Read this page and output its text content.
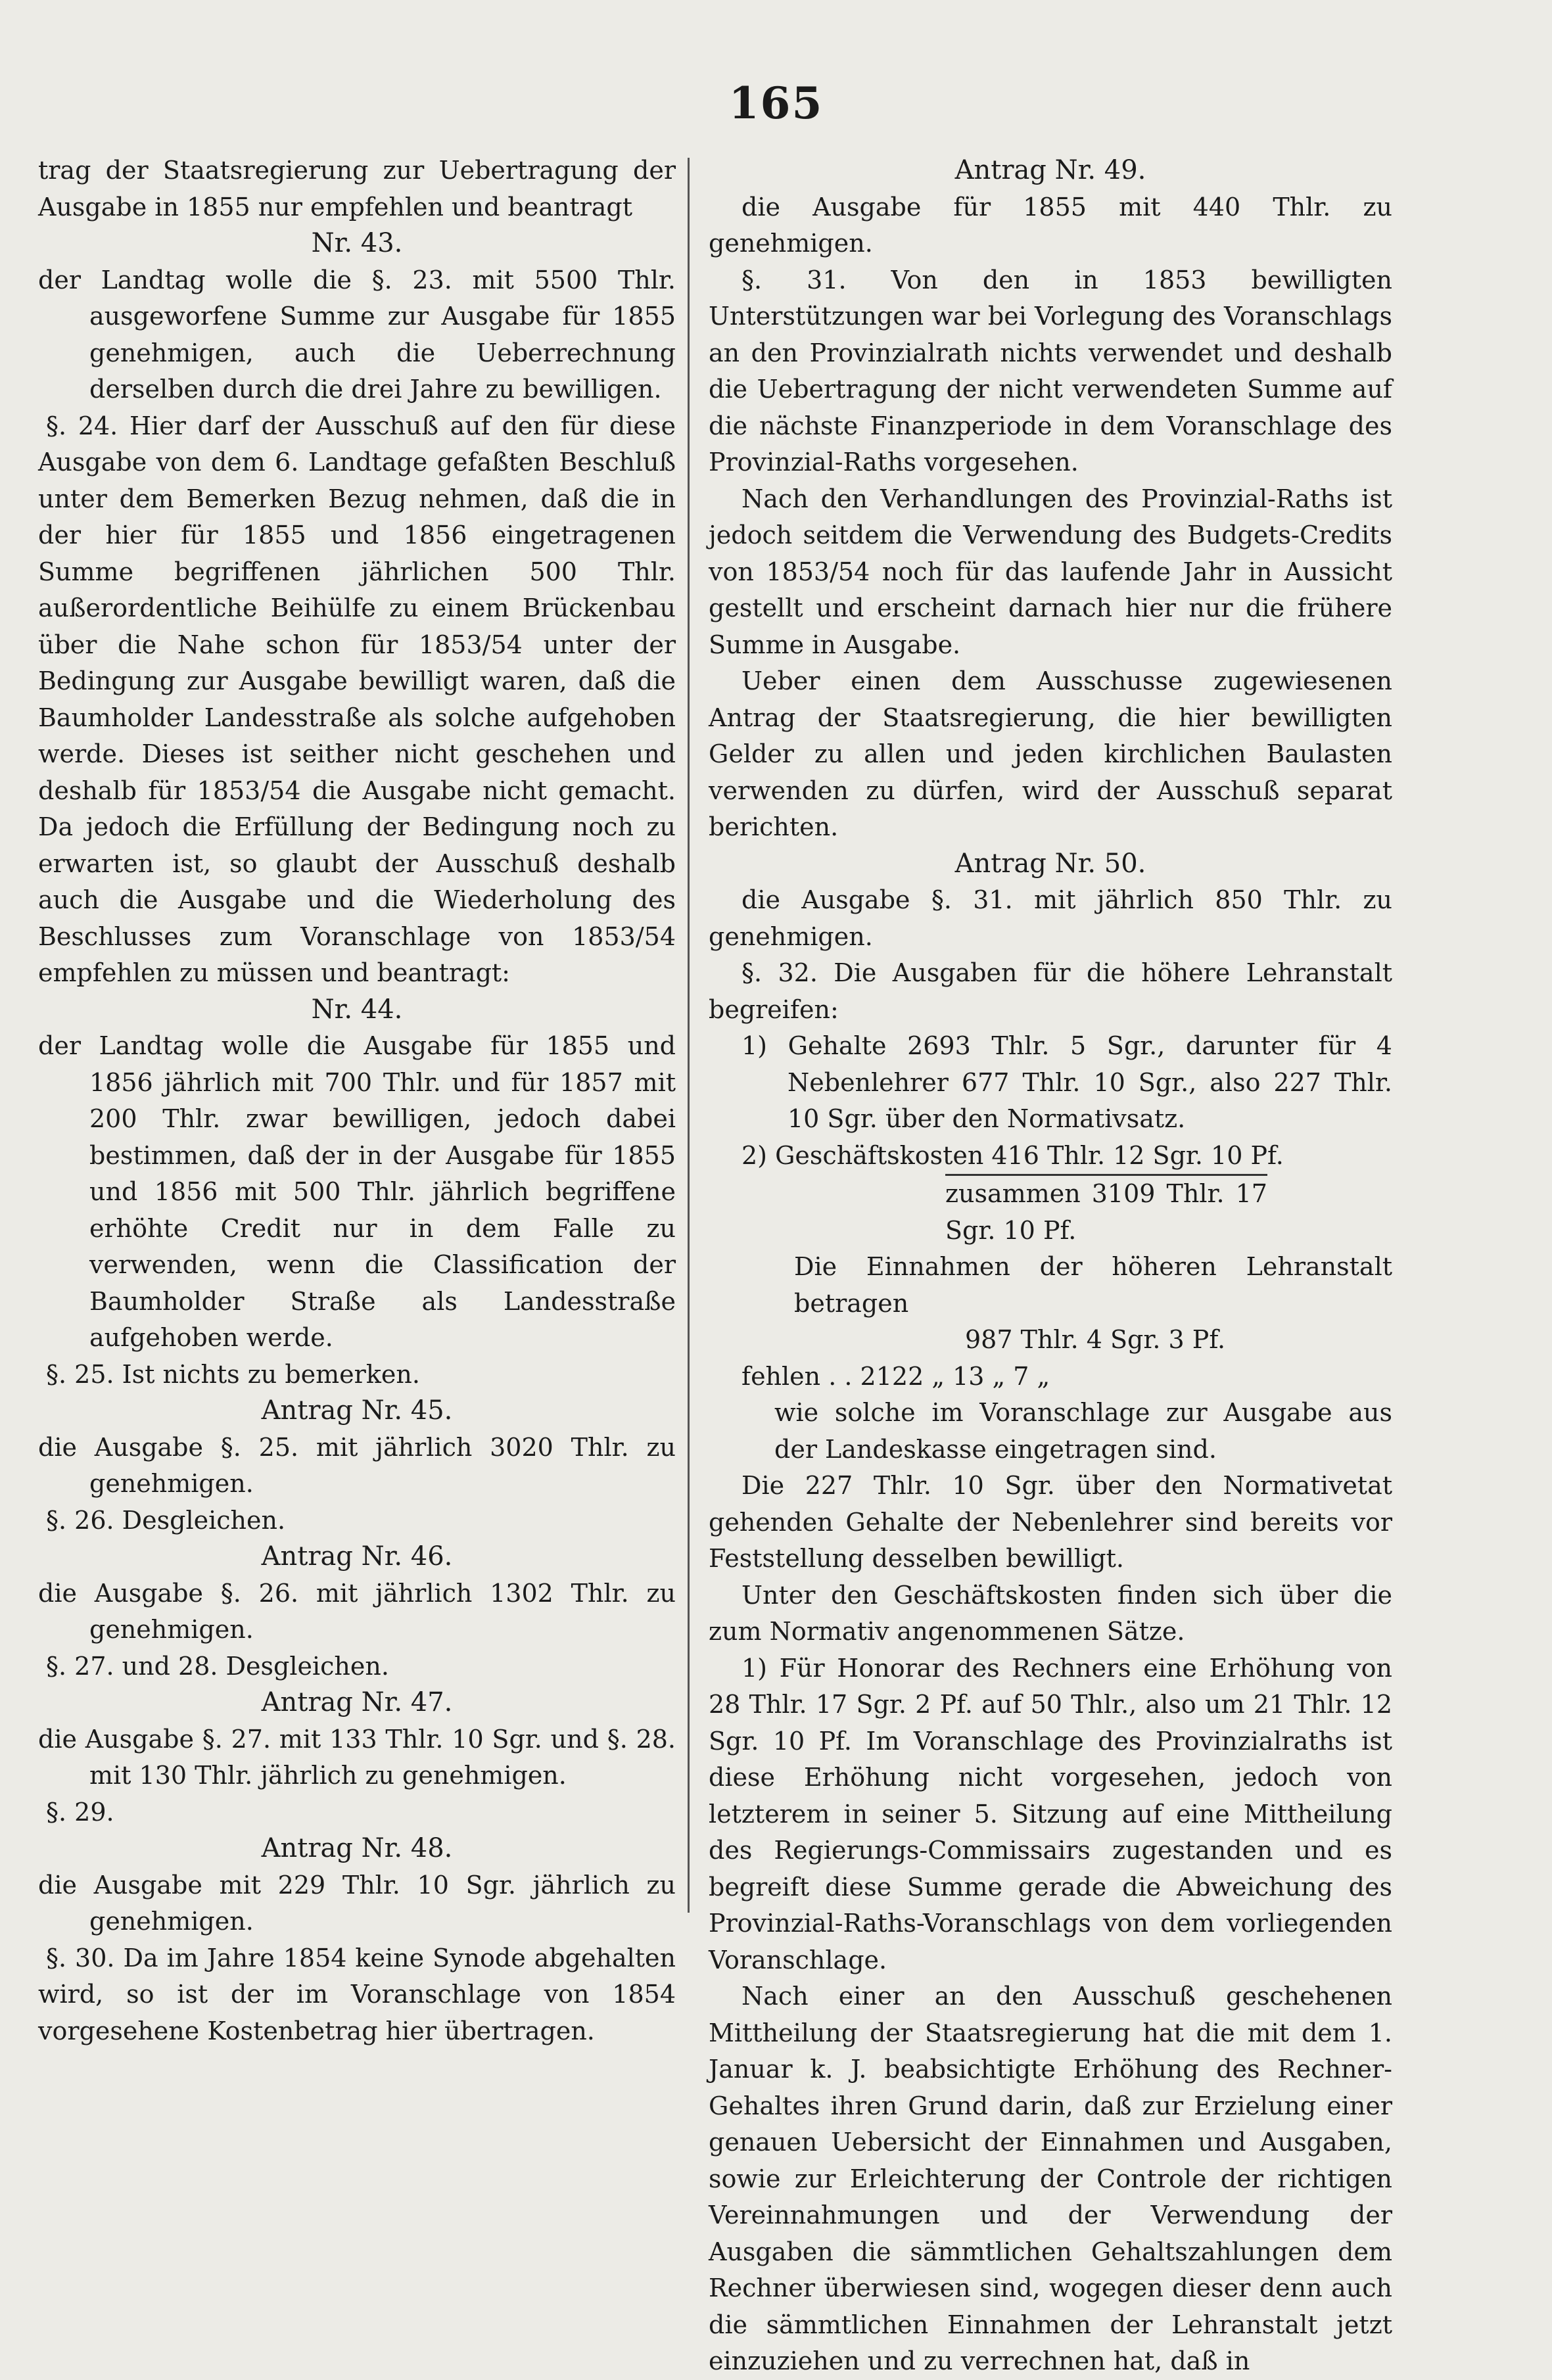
165

trag der Staatsregierung zur Uebertragung der Ausgabe in 1855 nur empfehlen und beantragt

Nr. 43.

der Landtag wolle die §. 23. mit 5500 Thlr. ausgeworfene Summe zur Ausgabe für 1855 genehmigen, auch die Ueberrechnung derselben durch die drei Jahre zu bewilligen.

§. 24. Hier darf der Ausschuß auf den für diese Ausgabe von dem 6. Landtage gefaßten Beschluß unter dem Bemerken Bezug nehmen, daß die in der hier für 1855 und 1856 eingetragenen Summe begriffenen jährlichen 500 Thlr. außerordentliche Beihülfe zu einem Brückenbau über die Nahe schon für 1853/54 unter der Bedingung zur Ausgabe bewilligt waren, daß die Baumholder Landesstraße als solche aufgehoben werde. Dieses ist seither nicht geschehen und deshalb für 1853/54 die Ausgabe nicht gemacht. Da jedoch die Erfüllung der Bedingung noch zu erwarten ist, so glaubt der Ausschuß deshalb auch die Ausgabe und die Wiederholung des Beschlusses zum Voranschlage von 1853/54 empfehlen zu müssen und beantragt:

Nr. 44.

der Landtag wolle die Ausgabe für 1855 und 1856 jährlich mit 700 Thlr. und für 1857 mit 200 Thlr. zwar bewilligen, jedoch dabei bestimmen, daß der in der Ausgabe für 1855 und 1856 mit 500 Thlr. jährlich begriffene erhöhte Credit nur in dem Falle zu verwenden, wenn die Classification der Baumholder Straße als Landesstraße aufgehoben werde.

§. 25. Ist nichts zu bemerken.

Antrag Nr. 45.

die Ausgabe §. 25. mit jährlich 3020 Thlr. zu genehmigen.

§. 26. Desgleichen.

Antrag Nr. 46.

die Ausgabe §. 26. mit jährlich 1302 Thlr. zu genehmigen.

§. 27. und 28. Desgleichen.

Antrag Nr. 47.

die Ausgabe §. 27. mit 133 Thlr. 10 Sgr. und §. 28. mit 130 Thlr. jährlich zu genehmigen.

§. 29.

Antrag Nr. 48.

die Ausgabe mit 229 Thlr. 10 Sgr. jährlich zu genehmigen.

§. 30. Da im Jahre 1854 keine Synode abgehalten wird, so ist der im Voranschlage von 1854 vorgesehene Kostenbetrag hier übertragen.

Antrag Nr. 49.

die Ausgabe für 1855 mit 440 Thlr. zu genehmigen.

§. 31. Von den in 1853 bewilligten Unterstützungen war bei Vorlegung des Voranschlags an den Provinzialrath nichts verwendet und deshalb die Uebertragung der nicht verwendeten Summe auf die nächste Finanzperiode in dem Voranschlage des Provinzial-Raths vorgesehen.

Nach den Verhandlungen des Provinzial-Raths ist jedoch seitdem die Verwendung des Budgets-Credits von 1853/54 noch für das laufende Jahr in Aussicht gestellt und erscheint darnach hier nur die frühere Summe in Ausgabe.

Ueber einen dem Ausschusse zugewiesenen Antrag der Staatsregierung, die hier bewilligten Gelder zu allen und jeden kirchlichen Baulasten verwenden zu dürfen, wird der Ausschuß separat berichten.

Antrag Nr. 50.

die Ausgabe §. 31. mit jährlich 850 Thlr. zu genehmigen.

§. 32. Die Ausgaben für die höhere Lehranstalt begreifen:

1) Gehalte 2693 Thlr. 5 Sgr., darunter für 4 Nebenlehrer 677 Thlr. 10 Sgr., also 227 Thlr. 10 Sgr. über den Normativsatz.

2) Geschäftskosten 416 Thlr. 12 Sgr. 10 Pf.

zusammen 3109 Thlr. 17 Sgr. 10 Pf.

Die Einnahmen der höheren Lehranstalt betragen

987 Thlr. 4 Sgr. 3 Pf.

fehlen . . 2122 „ 13 „ 7 „

wie solche im Voranschlage zur Ausgabe aus der Landeskasse eingetragen sind.

Die 227 Thlr. 10 Sgr. über den Normativetat gehenden Gehalte der Nebenlehrer sind bereits vor Feststellung desselben bewilligt.

Unter den Geschäftskosten finden sich über die zum Normativ angenommenen Sätze.

1) Für Honorar des Rechners eine Erhöhung von 28 Thlr. 17 Sgr. 2 Pf. auf 50 Thlr., also um 21 Thlr. 12 Sgr. 10 Pf. Im Voranschlage des Provinzialraths ist diese Erhöhung nicht vorgesehen, jedoch von letzterem in seiner 5. Sitzung auf eine Mittheilung des Regierungs-Commissairs zugestanden und es begreift diese Summe gerade die Abweichung des Provinzial-Raths-Voranschlags von dem vorliegenden Voranschlage.

Nach einer an den Ausschuß geschehenen Mittheilung der Staatsregierung hat die mit dem 1. Januar k. J. beabsichtigte Erhöhung des Rechner-Gehaltes ihren Grund darin, daß zur Erzielung einer genauen Uebersicht der Einnahmen und Ausgaben, sowie zur Erleichterung der Controle der richtigen Vereinnahmungen und der Verwendung der Ausgaben die sämmtlichen Gehaltszahlungen dem Rechner überwiesen sind, wogegen dieser denn auch die sämmtlichen Einnahmen der Lehranstalt jetzt einzuziehen und zu verrechnen hat, daß in
